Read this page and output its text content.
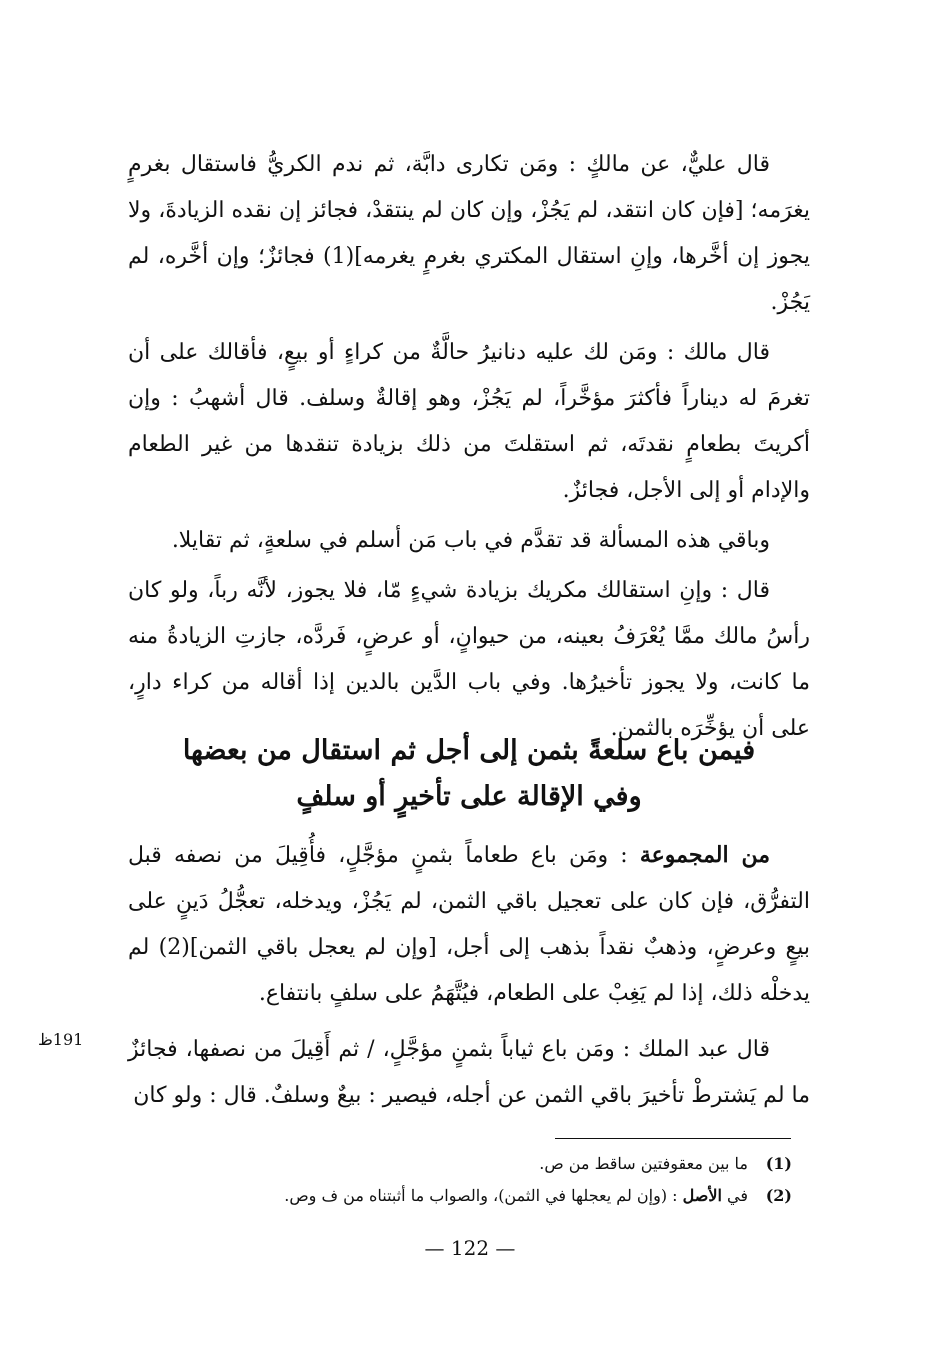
قال عليٌّ، عن مالكٍ : ومَن تكارى دابَّة، ثم ندم الكريُّ فاستقال بغرمٍ يغرَمه؛ [فإن كان انتقد، لم يَجُزْ، وإن كان لم ينتقدْ، فجائز إن نقده الزيادةَ، ولا يجوز إن أخَّرها، وإنِ استقال المكتري بغرمٍ يغرمه](1) فجائزٌ؛ وإن أخَّره، لم يَجُزْ.

قال مالك : ومَن لك عليه دنانيرُ حالَّةٌ من كراءٍ أو بيعٍ، فأقالك على أن تغرمَ له ديناراً فأكثرَ مؤخَّراً، لم يَجُزْ، وهو إقالةٌ وسلف. قال أشهبُ : وإن أكريتَ بطعامٍ نقدتَه، ثم استقلتَ من ذلك بزيادة تنقدها من غير الطعام والإدام أو إلى الأجل، فجائزٌ.

وباقي هذه المسألة قد تقدَّم في باب مَن أسلم في سلعةٍ، ثم تقايلا.

قال : وإنِ استقالك مكريك بزيادة شيءٍ مّا، فلا يجوز، لأنَّه رباً، ولو كان رأسُ مالك ممَّا يُعْرَفُ بعينه، من حيوانٍ، أو عرضٍ، فَردَّه، جازتِ الزيادةُ منه ما كانت، ولا يجوز تأخيرُها. وفي باب الدَّين بالدين إذا أقاله من كراء دارٍ، على أن يؤخِّرَه بالثمن.

فيمن باع سلعةً بثمن إلى أجل ثم استقال من بعضها
وفي الإقالة على تأخيرٍ أو سلفٍ

من المجموعة : ومَن باع طعاماً بثمنٍ مؤجَّلٍ، فأُقِيلَ من نصفه قبل التفرُّق، فإن كان على تعجيل باقي الثمن، لم يَجُزْ، ويدخله، تعجُّلُ دَينٍ على بيعٍ وعرضٍ، وذهبٌ نقداً بذهب إلى أجل، [وإن لم يعجل باقي الثمن](2) لم يدخلْه ذلك، إذا لم يَغِبْ على الطعام، فيُتَّهَمُ على سلفٍ بانتفاع.

قال عبد الملك : ومَن باع ثياباً بثمنٍ مؤجَّلٍ، / ثم أَقِيلَ من نصفها، فجائزٌ ما لم يَشترطْ تأخيرَ باقي الثمن عن أجله، فيصير : بيعٌ وسلفٌ. قال : ولو كان

191ظ
(1)
ما بين معقوفتين ساقط من ص.
(2)
في الأصل : (وإن لم يعجلها في الثمن)، والصواب ما أثبتناه من ف وص.
— 122 —
